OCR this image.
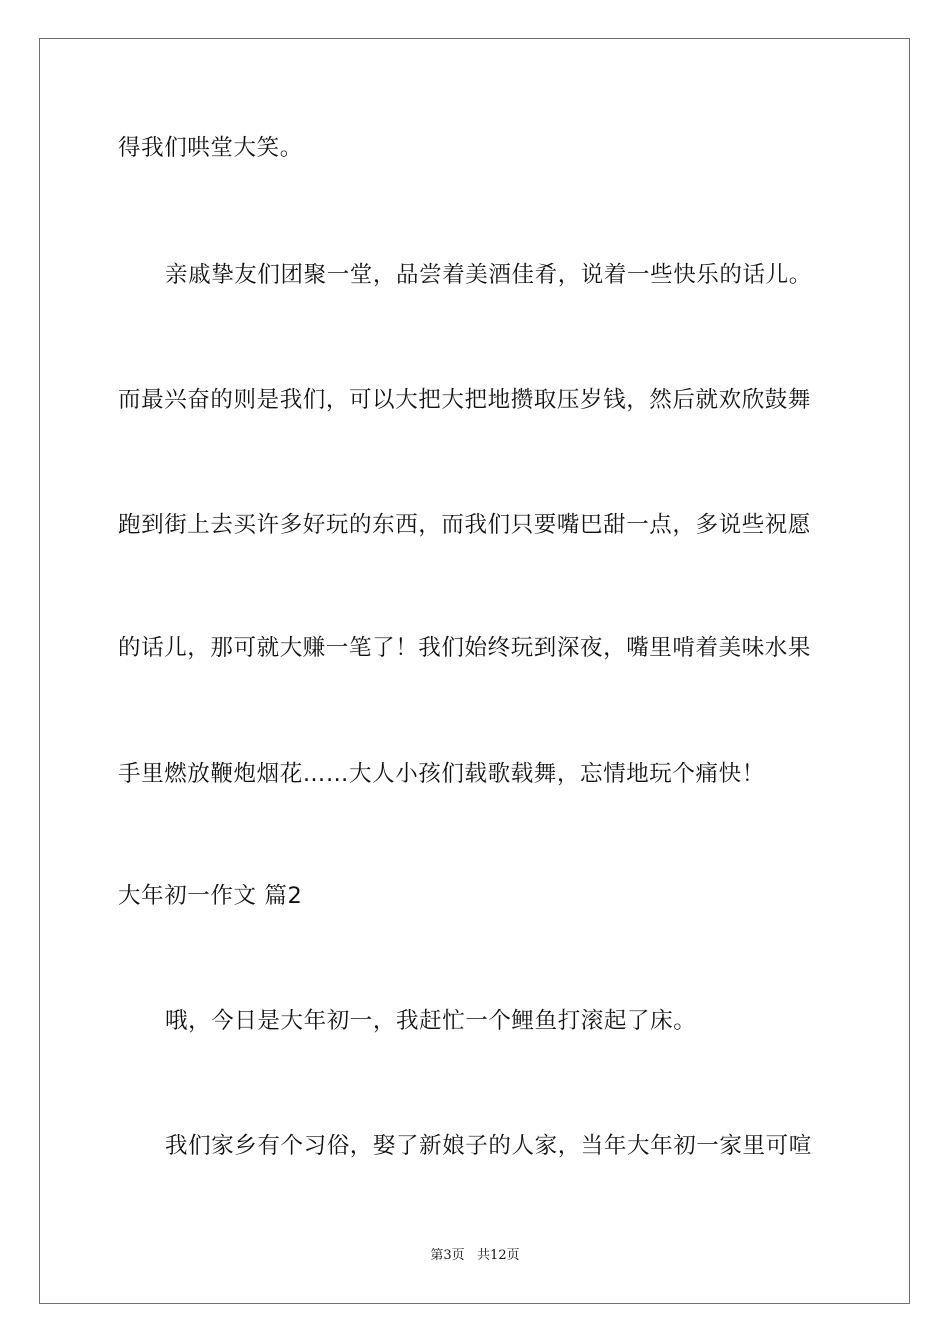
得我们哄堂大笑。
亲戚挚友们团聚一堂，品尝着美酒佳肴，说着一些快乐的话儿。
而最兴奋的则是我们，可以大把大把地攒取压岁钱，然后就欢欣鼓舞
跑到街上去买许多好玩的东西，而我们只要嘴巴甜一点，多说些祝愿
的话儿，那可就大赚一笔了！我们始终玩到深夜，嘴里啃着美味水果
手里燃放鞭炮烟花……大人小孩们载歌载舞，忘情地玩个痛快！
大年初一作文 篇2
哦，今日是大年初一，我赶忙一个鲤鱼打滚起了床。
我们家乡有个习俗，娶了新娘子的人家，当年大年初一家里可喧
第3页   共12页
